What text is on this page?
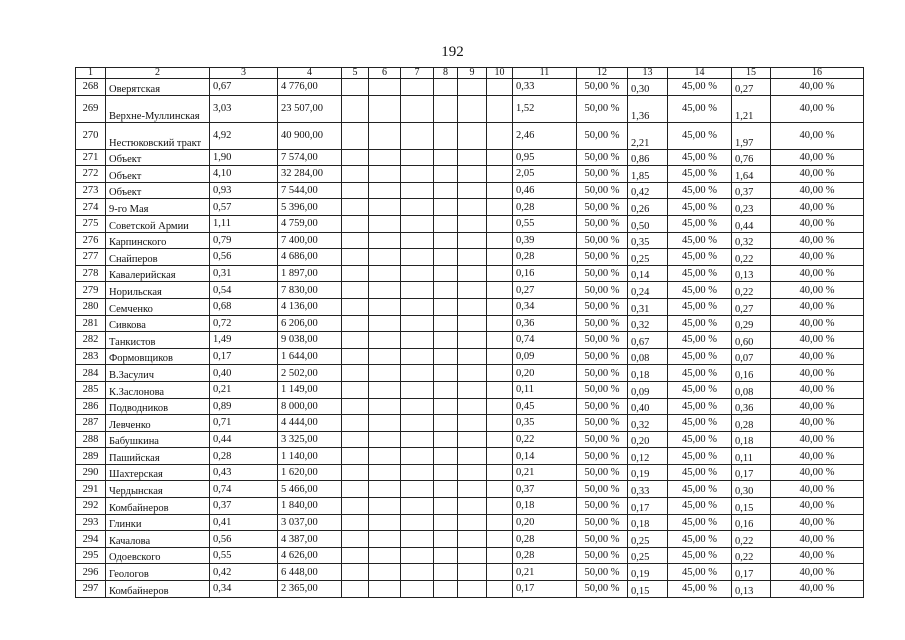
192
1	2	3	4	5	6	7	8	9	10	11	12	13	14	15	16
268	Оверятская	0,67	4 776,00							0,33	50,00 %	0,30	45,00 %	0,27	40,00 %
269	Верхне-Муллинская	3,03	23 507,00							1,52	50,00 %	1,36	45,00 %	1,21	40,00 %
270	Нестюковский тракт	4,92	40 900,00							2,46	50,00 %	2,21	45,00 %	1,97	40,00 %
271	Объект	1,90	7 574,00							0,95	50,00 %	0,86	45,00 %	0,76	40,00 %
272	Объект	4,10	32 284,00							2,05	50,00 %	1,85	45,00 %	1,64	40,00 %
273	Объект	0,93	7 544,00							0,46	50,00 %	0,42	45,00 %	0,37	40,00 %
274	9-го Мая	0,57	5 396,00							0,28	50,00 %	0,26	45,00 %	0,23	40,00 %
275	Советской Армии	1,11	4 759,00							0,55	50,00 %	0,50	45,00 %	0,44	40,00 %
276	Карпинского	0,79	7 400,00							0,39	50,00 %	0,35	45,00 %	0,32	40,00 %
277	Снайперов	0,56	4 686,00							0,28	50,00 %	0,25	45,00 %	0,22	40,00 %
278	Кавалерийская	0,31	1 897,00							0,16	50,00 %	0,14	45,00 %	0,13	40,00 %
279	Норильская	0,54	7 830,00							0,27	50,00 %	0,24	45,00 %	0,22	40,00 %
280	Семченко	0,68	4 136,00							0,34	50,00 %	0,31	45,00 %	0,27	40,00 %
281	Сивкова	0,72	6 206,00							0,36	50,00 %	0,32	45,00 %	0,29	40,00 %
282	Танкистов	1,49	9 038,00							0,74	50,00 %	0,67	45,00 %	0,60	40,00 %
283	Формовщиков	0,17	1 644,00							0,09	50,00 %	0,08	45,00 %	0,07	40,00 %
284	В.Засулич	0,40	2 502,00							0,20	50,00 %	0,18	45,00 %	0,16	40,00 %
285	К.Заслонова	0,21	1 149,00							0,11	50,00 %	0,09	45,00 %	0,08	40,00 %
286	Подводников	0,89	8 000,00							0,45	50,00 %	0,40	45,00 %	0,36	40,00 %
287	Левченко	0,71	4 444,00							0,35	50,00 %	0,32	45,00 %	0,28	40,00 %
288	Бабушкина	0,44	3 325,00							0,22	50,00 %	0,20	45,00 %	0,18	40,00 %
289	Пашийская	0,28	1 140,00							0,14	50,00 %	0,12	45,00 %	0,11	40,00 %
290	Шахтерская	0,43	1 620,00							0,21	50,00 %	0,19	45,00 %	0,17	40,00 %
291	Чердынская	0,74	5 466,00							0,37	50,00 %	0,33	45,00 %	0,30	40,00 %
292	Комбайнеров	0,37	1 840,00							0,18	50,00 %	0,17	45,00 %	0,15	40,00 %
293	Глинки	0,41	3 037,00							0,20	50,00 %	0,18	45,00 %	0,16	40,00 %
294	Качалова	0,56	4 387,00							0,28	50,00 %	0,25	45,00 %	0,22	40,00 %
295	Одоевского	0,55	4 626,00							0,28	50,00 %	0,25	45,00 %	0,22	40,00 %
296	Геологов	0,42	6 448,00							0,21	50,00 %	0,19	45,00 %	0,17	40,00 %
297	Комбайнеров	0,34	2 365,00							0,17	50,00 %	0,15	45,00 %	0,13	40,00 %
